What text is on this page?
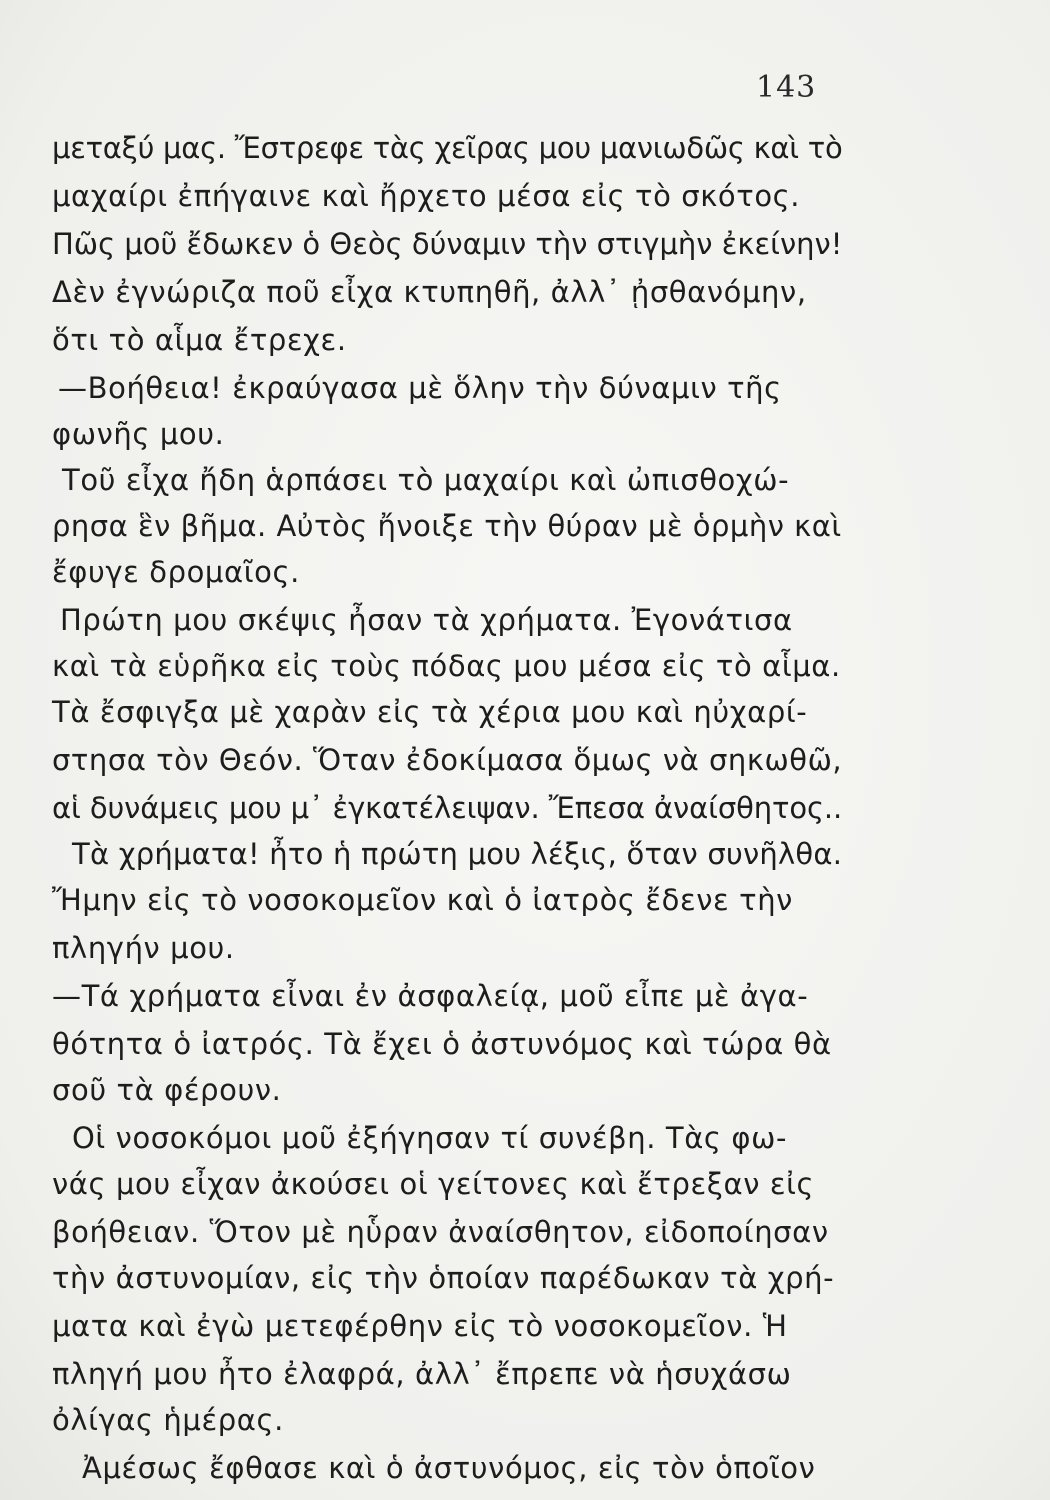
143
μεταξύ μας. Ἔστρεφε τὰς χεῖρας μου μανιωδῶς καὶ τὸ
μαχαίρι ἐπήγαινε καὶ ἤρχετο μέσα εἰς τὸ σκότος.
Πῶς μοῦ ἔδωκεν ὁ Θεὸς δύναμιν τὴν στιγμὴν ἐκείνην!
Δὲν ἐγνώριζα ποῦ εἶχα κτυπηθῆ, ἀλλ᾽ ᾐσθανόμην,
ὅτι τὸ αἷμα ἔτρεχε.
—Βοήθεια! ἐκραύγασα μὲ ὅλην τὴν δύναμιν τῆς
φωνῆς μου.
Τοῦ εἶχα ἤδη ἁρπάσει τὸ μαχαίρι καὶ ὠπισθοχώ-
ρησα ἓν βῆμα. Αὐτὸς ἤνοιξε τὴν θύραν μὲ ὁρμὴν καὶ
ἔφυγε δρομαῖος.
Πρώτη μου σκέψις ἦσαν τὰ χρήματα. Ἐγονάτισα
καὶ τὰ εὑρῆκα εἰς τοὺς πόδας μου μέσα εἰς τὸ αἷμα.
Τὰ ἔσφιγξα μὲ χαρὰν εἰς τὰ χέρια μου καὶ ηὐχαρί-
στησα τὸν Θεόν. Ὅταν ἐδοκίμασα ὅμως νὰ σηκωθῶ,
αἱ δυνάμεις μου μ᾽ ἐγκατέλειψαν. Ἔπεσα ἀναίσθητος..
Τὰ χρήματα! ἦτο ἡ πρώτη μου λέξις, ὅταν συνῆλθα.
Ἤμην εἰς τὸ νοσοκομεῖον καὶ ὁ ἰατρὸς ἔδενε τὴν
πληγήν μου.
—Τά χρήματα εἶναι ἐν ἀσφαλείᾳ, μοῦ εἶπε μὲ ἀγα-
θότητα ὁ ἰατρός. Τὰ ἔχει ὁ ἀστυνόμος καὶ τώρα θὰ
σοῦ τὰ φέρουν.
Οἱ νοσοκόμοι μοῦ ἐξήγησαν τί συνέβη. Τὰς φω-
νάς μου εἶχαν ἀκούσει οἱ γείτονες καὶ ἔτρεξαν εἰς
βοήθειαν. Ὅτον μὲ ηὗραν ἀναίσθητον, εἰδοποίησαν
τὴν ἀστυνομίαν, εἰς τὴν ὁποίαν παρέδωκαν τὰ χρή-
ματα καὶ ἐγὼ μετεφέρθην εἰς τὸ νοσοκομεῖον. Ἡ
πληγή μου ἦτο ἐλαφρά, ἀλλ᾽ ἔπρεπε νὰ ἡσυχάσω
ὀλίγας ἡμέρας.
Ἀμέσως ἔφθασε καὶ ὁ ἀστυνόμος, εἰς τὸν ὁποῖον
